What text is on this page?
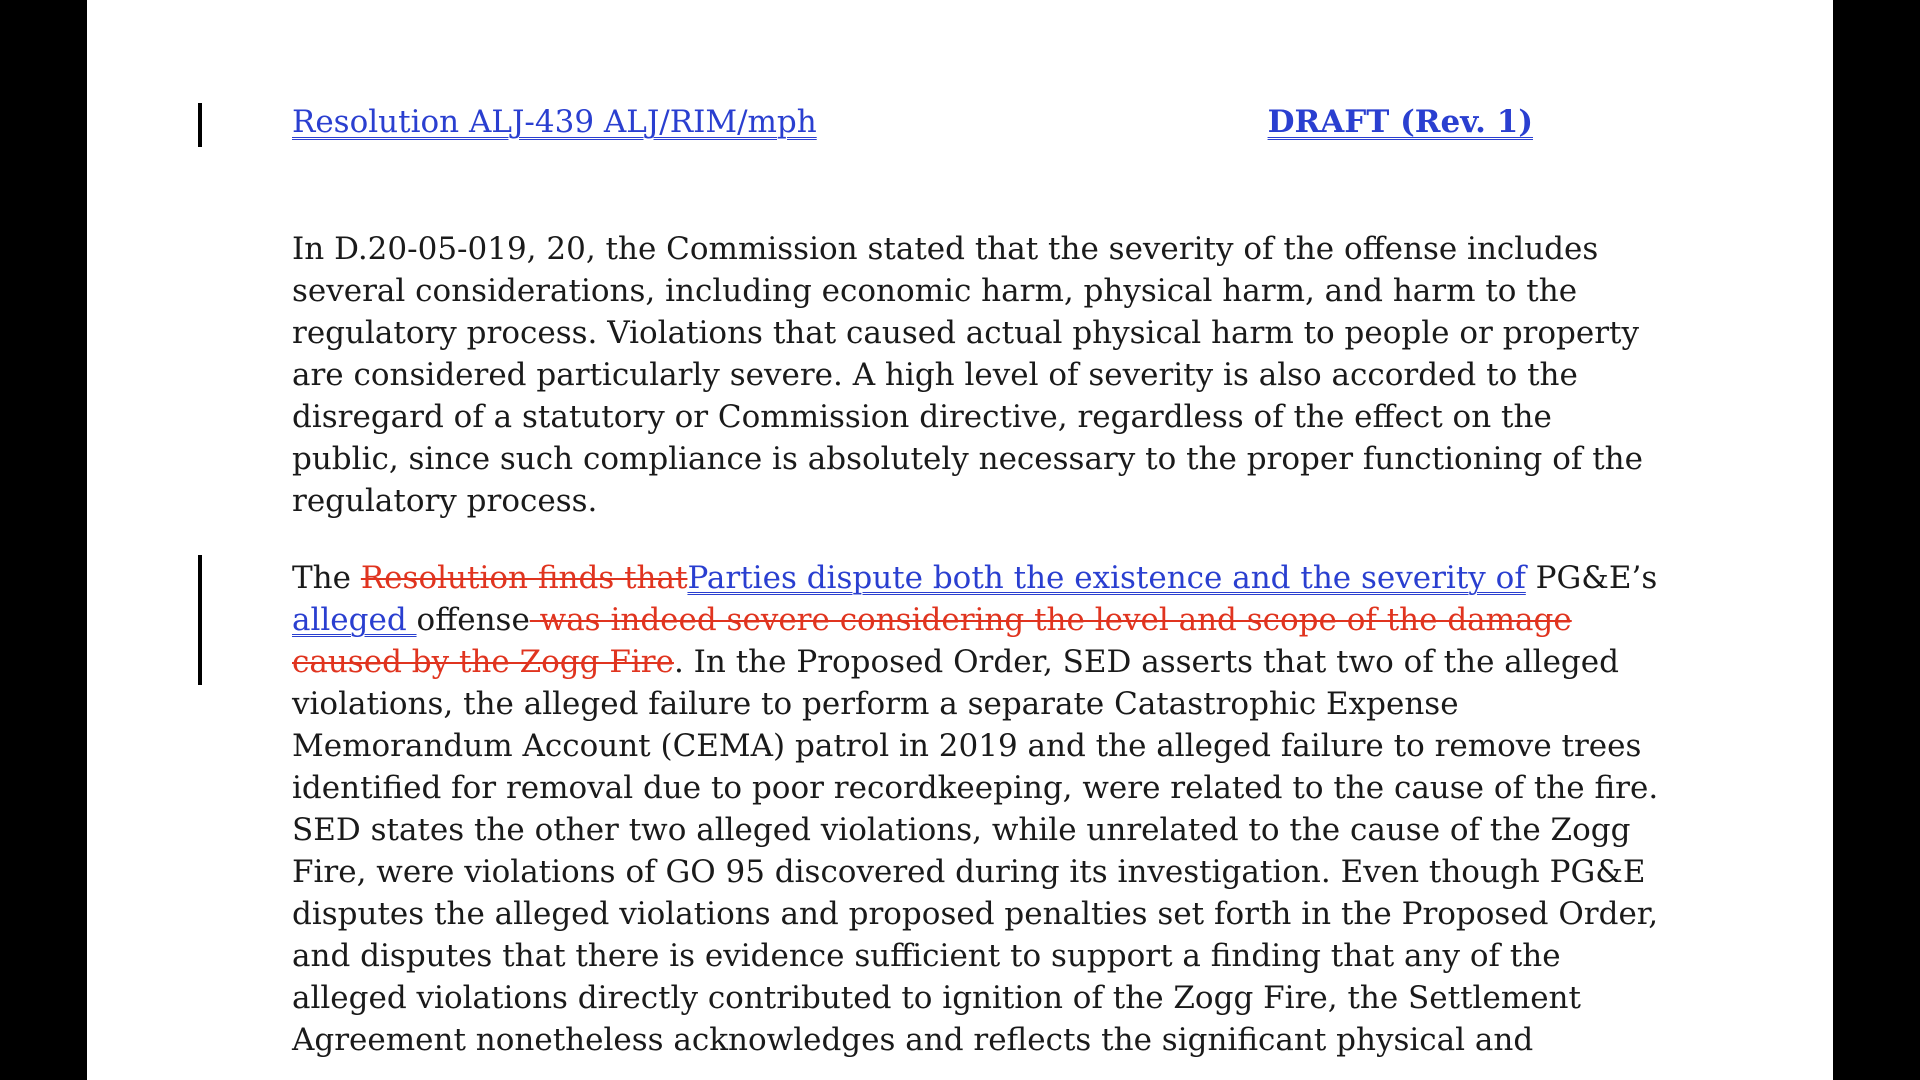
Resolution ALJ-439 ALJ/RIM/mph	DRAFT (Rev. 1)

In D.20-05-019, 20, the Commission stated that the severity of the offense includes

several considerations, including economic harm, physical harm, and harm to the

regulatory process. Violations that caused actual physical harm to people or property

are considered particularly severe. A high level of severity is also accorded to the

disregard of a statutory or Commission directive, regardless of the effect on the

public, since such compliance is absolutely necessary to the proper functioning of the

regulatory process.

The Resolution finds thatParties dispute both the existence and the severity of PG&E’s

alleged offense was indeed severe considering the level and scope of the damage

caused by the Zogg Fire. In the Proposed Order, SED asserts that two of the alleged

violations, the alleged failure to perform a separate Catastrophic Expense

Memorandum Account (CEMA) patrol in 2019 and the alleged failure to remove trees

identified for removal due to poor recordkeeping, were related to the cause of the fire.

SED states the other two alleged violations, while unrelated to the cause of the Zogg

Fire, were violations of GO 95 discovered during its investigation. Even though PG&E

disputes the alleged violations and proposed penalties set forth in the Proposed Order,

and disputes that there is evidence sufficient to support a finding that any of the

alleged violations directly contributed to ignition of the Zogg Fire, the Settlement

Agreement nonetheless acknowledges and reflects the significant physical and
